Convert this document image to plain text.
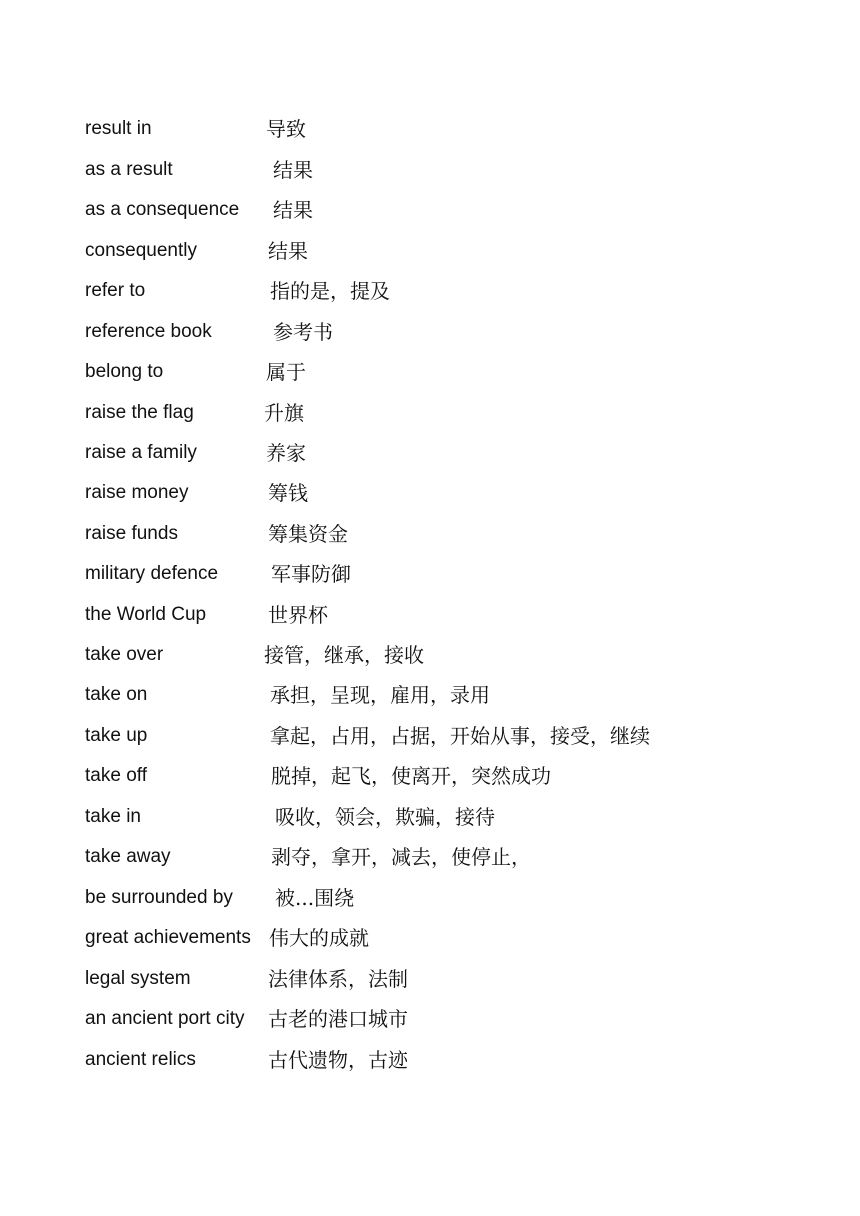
result in	导致
as a result	结果
as a consequence 结果
consequently	结果
refer to	指的是，提及
reference book	参考书
belong to	属于
raise the flag	升旗
raise a family	养家
raise money	筹钱
raise funds	筹集资金
military defence	军事防御
the World Cup	世界杯
take over	接管，继承，接收
take on	承担，呈现，雇用，录用
take up	拿起，占用，占据，开始从事，接受，继续
take off	脱掉，起飞，使离开，突然成功
take in	吸收，领会，欺骗，接待
take away	剥夺，拿开，减去，使停止，
be surrounded by 被...围绕
great achievements 伟大的成就
legal system	法律体系，法制
an ancient port city 古老的港口城市
ancient relics	古代遗物，古迹
